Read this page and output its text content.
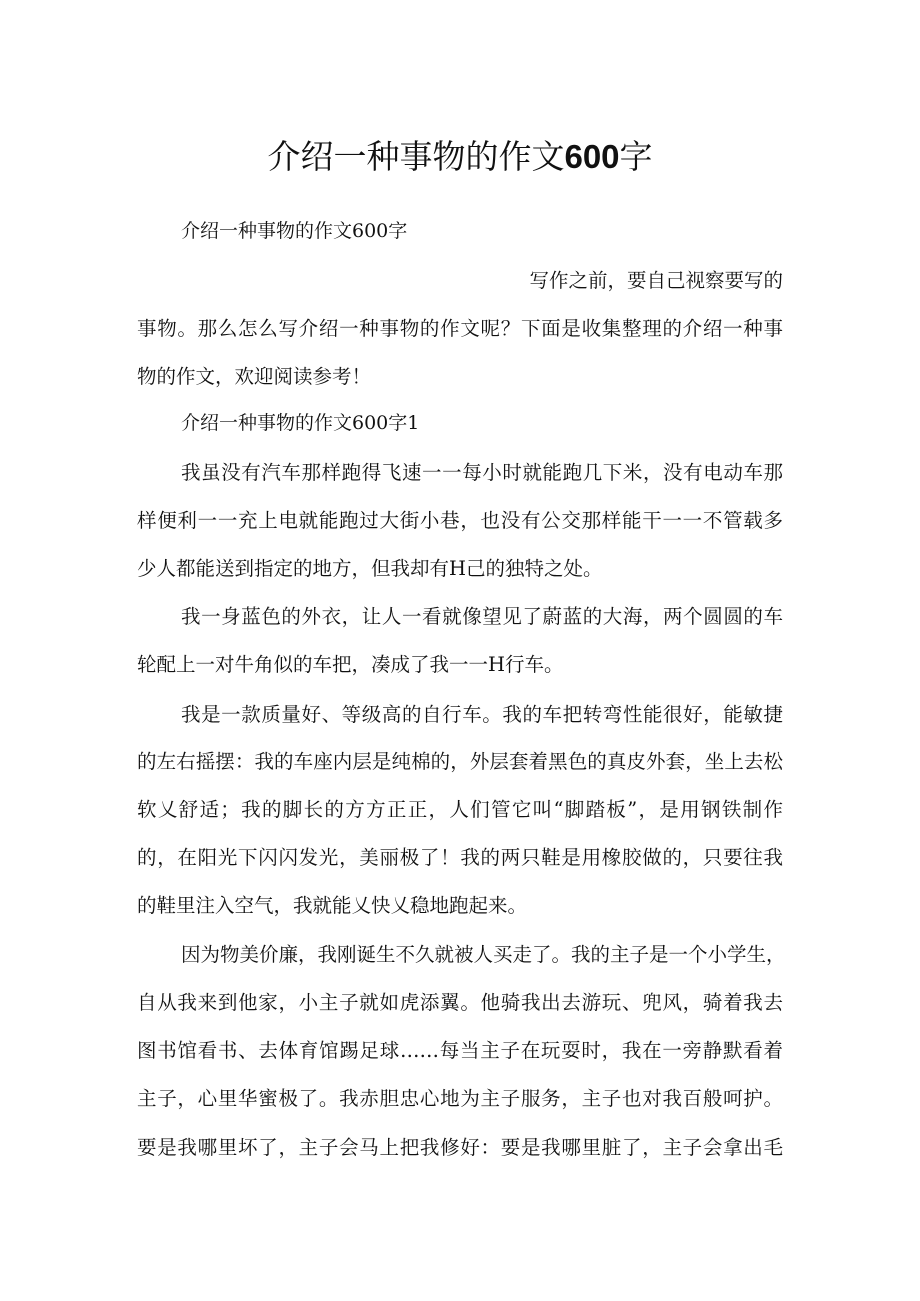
介绍一种事物的作文600字

介绍一种事物的作文600字

写作之前，要自己视察要写的

事物。那么怎么写介绍一种事物的作文呢？下面是收集整理的介绍一种事

物的作文，欢迎阅读参考！

介绍一种事物的作文600字1

我虽没有汽车那样跑得飞速一一每小时就能跑几下米，没有电动车那

样便利一一充上电就能跑过大街小巷，也没有公交那样能干一一不管载多

少人都能送到指定的地方，但我却有H己的独特之处。

我一身蓝色的外衣，让人一看就像望见了蔚蓝的大海，两个圆圆的车

轮配上一对牛角似的车把，凑成了我一一H行车。

我是一款质量好、等级高的自行车。我的车把转弯性能很好，能敏捷

的左右摇摆：我的车座内层是纯棉的，外层套着黑色的真皮外套，坐上去松

软乂舒适；我的脚长的方方正正，人们管它叫“脚踏板”，是用钢铁制作

的，在阳光下闪闪发光，美丽极了！我的两只鞋是用橡胶做的，只要往我

的鞋里注入空气，我就能乂快乂稳地跑起来。

因为物美价廉，我刚诞生不久就被人买走了。我的主子是一个小学生，

自从我来到他家，小主子就如虎添翼。他骑我出去游玩、兜风，骑着我去

图书馆看书、去体育馆踢足球……每当主子在玩耍时，我在一旁静默看着

主子，心里华蜜极了。我赤胆忠心地为主子服务，主子也对我百般呵护。

要是我哪里坏了，主子会马上把我修好：要是我哪里脏了，主子会拿出毛
